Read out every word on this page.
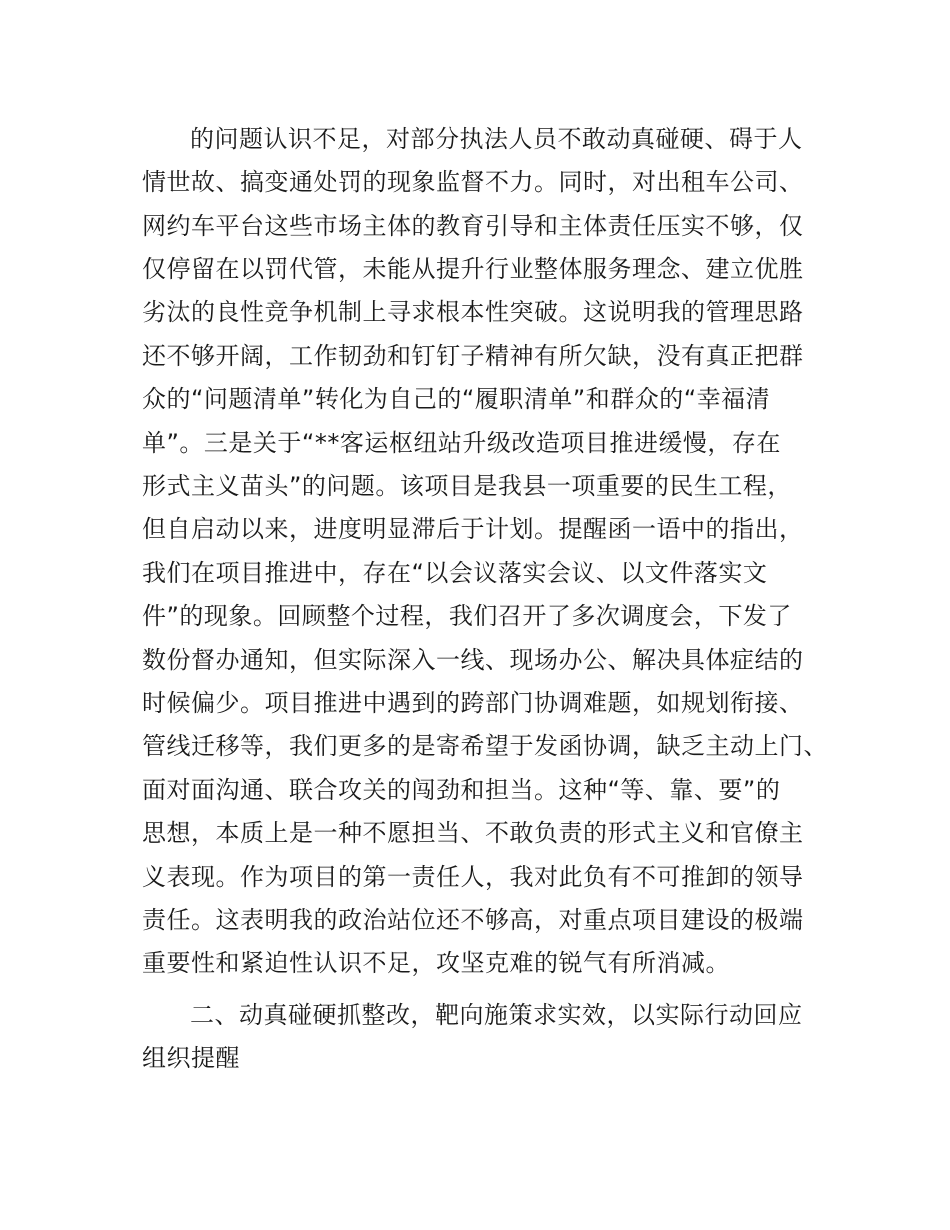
的问题认识不足，对部分执法人员不敢动真碰硬、碍于人
情世故、搞变通处罚的现象监督不力。同时，对出租车公司、
网约车平台这些市场主体的教育引导和主体责任压实不够，仅
仅停留在以罚代管，未能从提升行业整体服务理念、建立优胜
劣汰的良性竞争机制上寻求根本性突破。这说明我的管理思路
还不够开阔，工作韧劲和钉钉子精神有所欠缺，没有真正把群
众的“问题清单”转化为自己的“履职清单”和群众的“幸福清
单”。三是关于“**客运枢纽站升级改造项目推进缓慢，存在
形式主义苗头”的问题。该项目是我县一项重要的民生工程，
但自启动以来，进度明显滞后于计划。提醒函一语中的指出，
我们在项目推进中，存在“以会议落实会议、以文件落实文
件”的现象。回顾整个过程，我们召开了多次调度会，下发了
数份督办通知，但实际深入一线、现场办公、解决具体症结的
时候偏少。项目推进中遇到的跨部门协调难题，如规划衔接、
管线迁移等，我们更多的是寄希望于发函协调，缺乏主动上门、
面对面沟通、联合攻关的闯劲和担当。这种“等、靠、要”的
思想，本质上是一种不愿担当、不敢负责的形式主义和官僚主
义表现。作为项目的第一责任人，我对此负有不可推卸的领导
责任。这表明我的政治站位还不够高，对重点项目建设的极端
重要性和紧迫性认识不足，攻坚克难的锐气有所消减。
二、动真碰硬抓整改，靶向施策求实效，以实际行动回应
组织提醒
